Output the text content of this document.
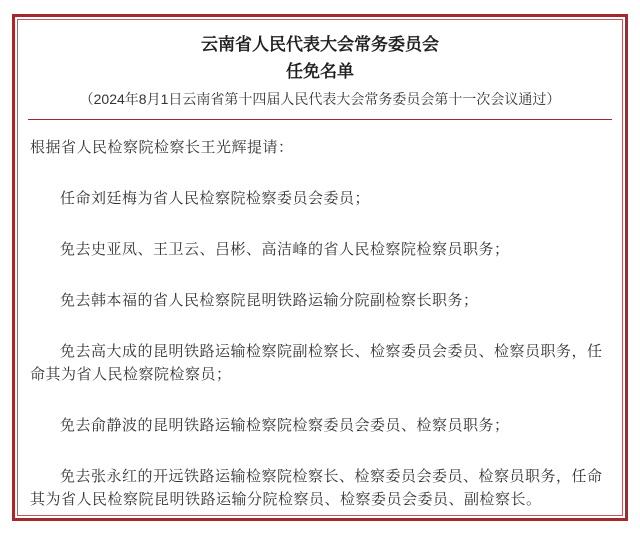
云南省人民代表大会常务委员会
任免名单
（2024年8月1日云南省第十四届人民代表大会常务委员会第十一次会议通过）

根据省人民检察院检察长王光辉提请：

任命刘廷梅为省人民检察院检察委员会委员；

免去史亚凤、王卫云、吕彬、高洁峰的省人民检察院检察员职务；

免去韩本福的省人民检察院昆明铁路运输分院副检察长职务；

免去高大成的昆明铁路运输检察院副检察长、检察委员会委员、检察员职务，任命其为省人民检察院检察员；

免去俞静波的昆明铁路运输检察院检察委员会委员、检察员职务；

免去张永红的开远铁路运输检察院检察长、检察委员会委员、检察员职务，任命其为省人民检察院昆明铁路运输分院检察员、检察委员会委员、副检察长。
